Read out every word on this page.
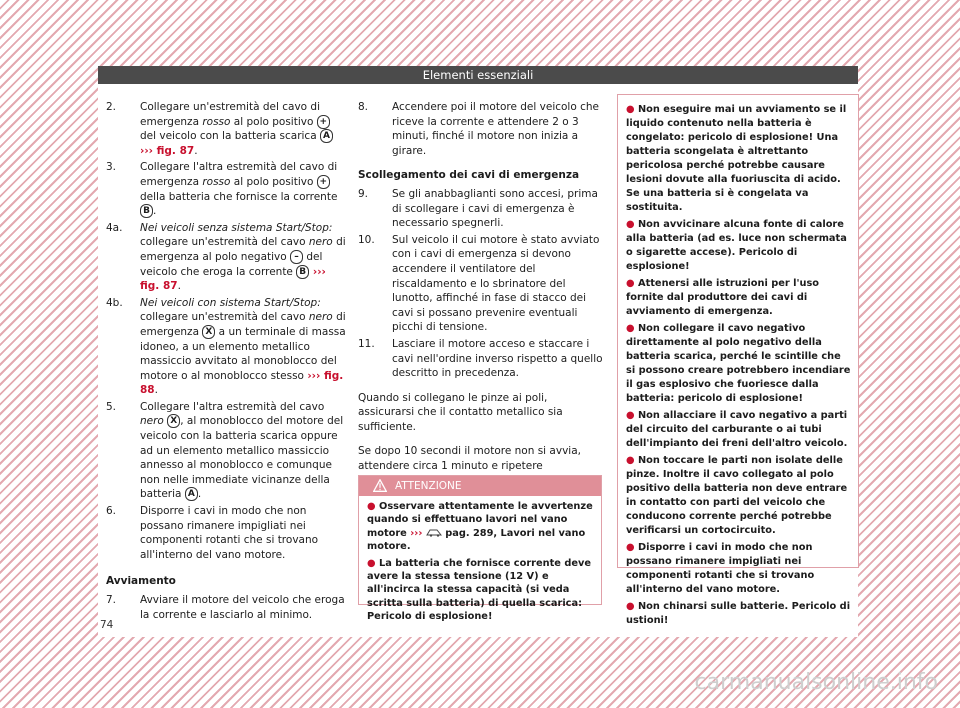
Elementi essenziali
2. Collegare un'estremità del cavo di emergenza rosso al polo positivo + del veicolo con la batteria scarica A ››› fig. 87.
3. Collegare l'altra estremità del cavo di emergenza rosso al polo positivo + della batteria che fornisce la corrente B .
4a. Nei veicoli senza sistema Start/Stop: collegare un'estremità del cavo nero di emergenza al polo negativo – del veicolo che eroga la corrente B ››› fig. 87.
4b. Nei veicoli con sistema Start/Stop: collegare un'estremità del cavo nero di emergenza X a un terminale di massa idoneo, a un elemento metallico massiccio avvitato al monoblocco del motore o al monoblocco stesso ››› fig. 88.
5. Collegare l'altra estremità del cavo nero X , al monoblocco del motore del veicolo con la batteria scarica oppure ad un elemento metallico massiccio annesso al monoblocco e comunque non nelle immediate vicinanze della batteria A .
6. Disporre i cavi in modo che non possano rimanere impigliati nei componenti rotanti che si trovano all'interno del vano motore.
Avviamento
7. Avviare il motore del veicolo che eroga la corrente e lasciarlo al minimo.
8. Accendere poi il motore del veicolo che riceve la corrente e attendere 2 o 3 minuti, finché il motore non inizia a girare.
Scollegamento dei cavi di emergenza
9. Se gli anabbaglianti sono accesi, prima di scollegare i cavi di emergenza è necessario spegnerli.
10. Sul veicolo il cui motore è stato avviato con i cavi di emergenza si devono accendere il ventilatore del riscaldamento e lo sbrinatore del lunotto, affinché in fase di stacco dei cavi si possano prevenire eventuali picchi di tensione.
11. Lasciare il motore acceso e staccare i cavi nell'ordine inverso rispetto a quello descritto in precedenza.
Quando si collegano le pinze ai poli, assicurarsi che il contatto metallico sia sufficiente.
Se dopo 10 secondi il motore non si avvia, attendere circa 1 minuto e ripetere
ATTENZIONE
● Osservare attentamente le avvertenze quando si effettuano lavori nel vano motore ›››  pag. 289, Lavori nel vano motore.
● La batteria che fornisce corrente deve avere la stessa tensione (12 V) e all'incirca la stessa capacità (si veda scritta sulla batteria) di quella scarica: Pericolo di esplosione!
● Non eseguire mai un avviamento se il liquido contenuto nella batteria è congelato: pericolo di esplosione! Una batteria scongelata è altrettanto pericolosa perché potrebbe causare lesioni dovute alla fuoriuscita di acido. Se una batteria si è congelata va sostituita.
● Non avvicinare alcuna fonte di calore alla batteria (ad es. luce non schermata o sigarette accese). Pericolo di esplosione!
● Attenersi alle istruzioni per l'uso fornite dal produttore dei cavi di avviamento di emergenza.
● Non collegare il cavo negativo direttamente al polo negativo della batteria scarica, perché le scintille che si possono creare potrebbero incendiare il gas esplosivo che fuoriesce dalla batteria: pericolo di esplosione!
● Non allacciare il cavo negativo a parti del circuito del carburante o ai tubi dell'impianto dei freni dell'altro veicolo.
● Non toccare le parti non isolate delle pinze. Inoltre il cavo collegato al polo positivo della batteria non deve entrare in contatto con parti del veicolo che conducono corrente perché potrebbe verificarsi un cortocircuito.
● Disporre i cavi in modo che non possano rimanere impigliati nei componenti rotanti che si trovano all'interno del vano motore.
● Non chinarsi sulle batterie. Pericolo di ustioni!
74
carmanualsonline.info
